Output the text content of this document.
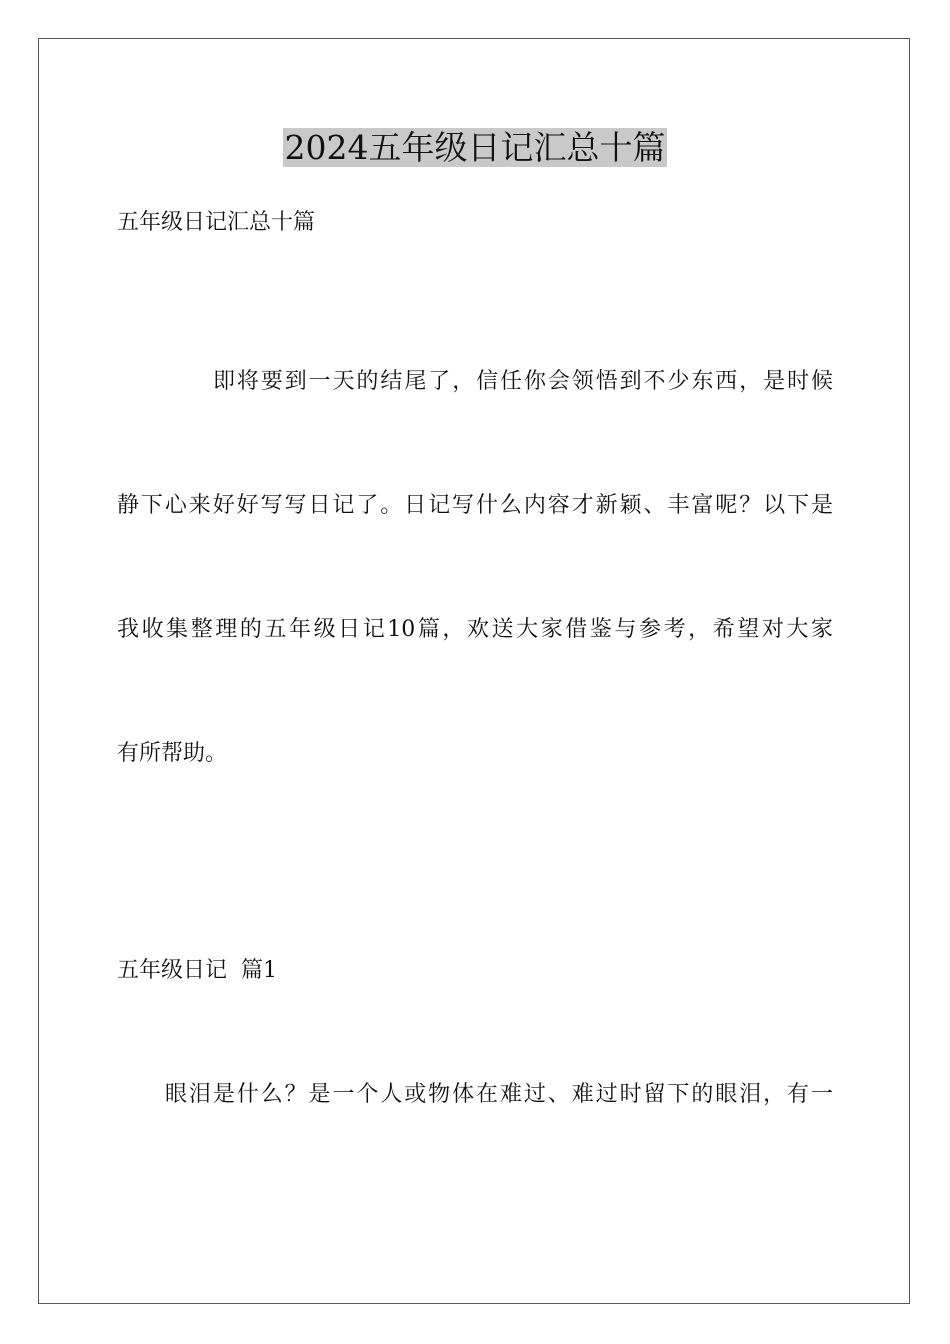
2024五年级日记汇总十篇

五年级日记汇总十篇

即将要到一天的结尾了，信任你会领悟到不少东西，是时候
静下心来好好写写日记了。日记写什么内容才新颖、丰富呢？以下是
我收集整理的五年级日记10篇，欢送大家借鉴与参考，希望对大家
有所帮助。

五年级日记 篇1

眼泪是什么？是一个人或物体在难过、难过时留下的眼泪，有一
